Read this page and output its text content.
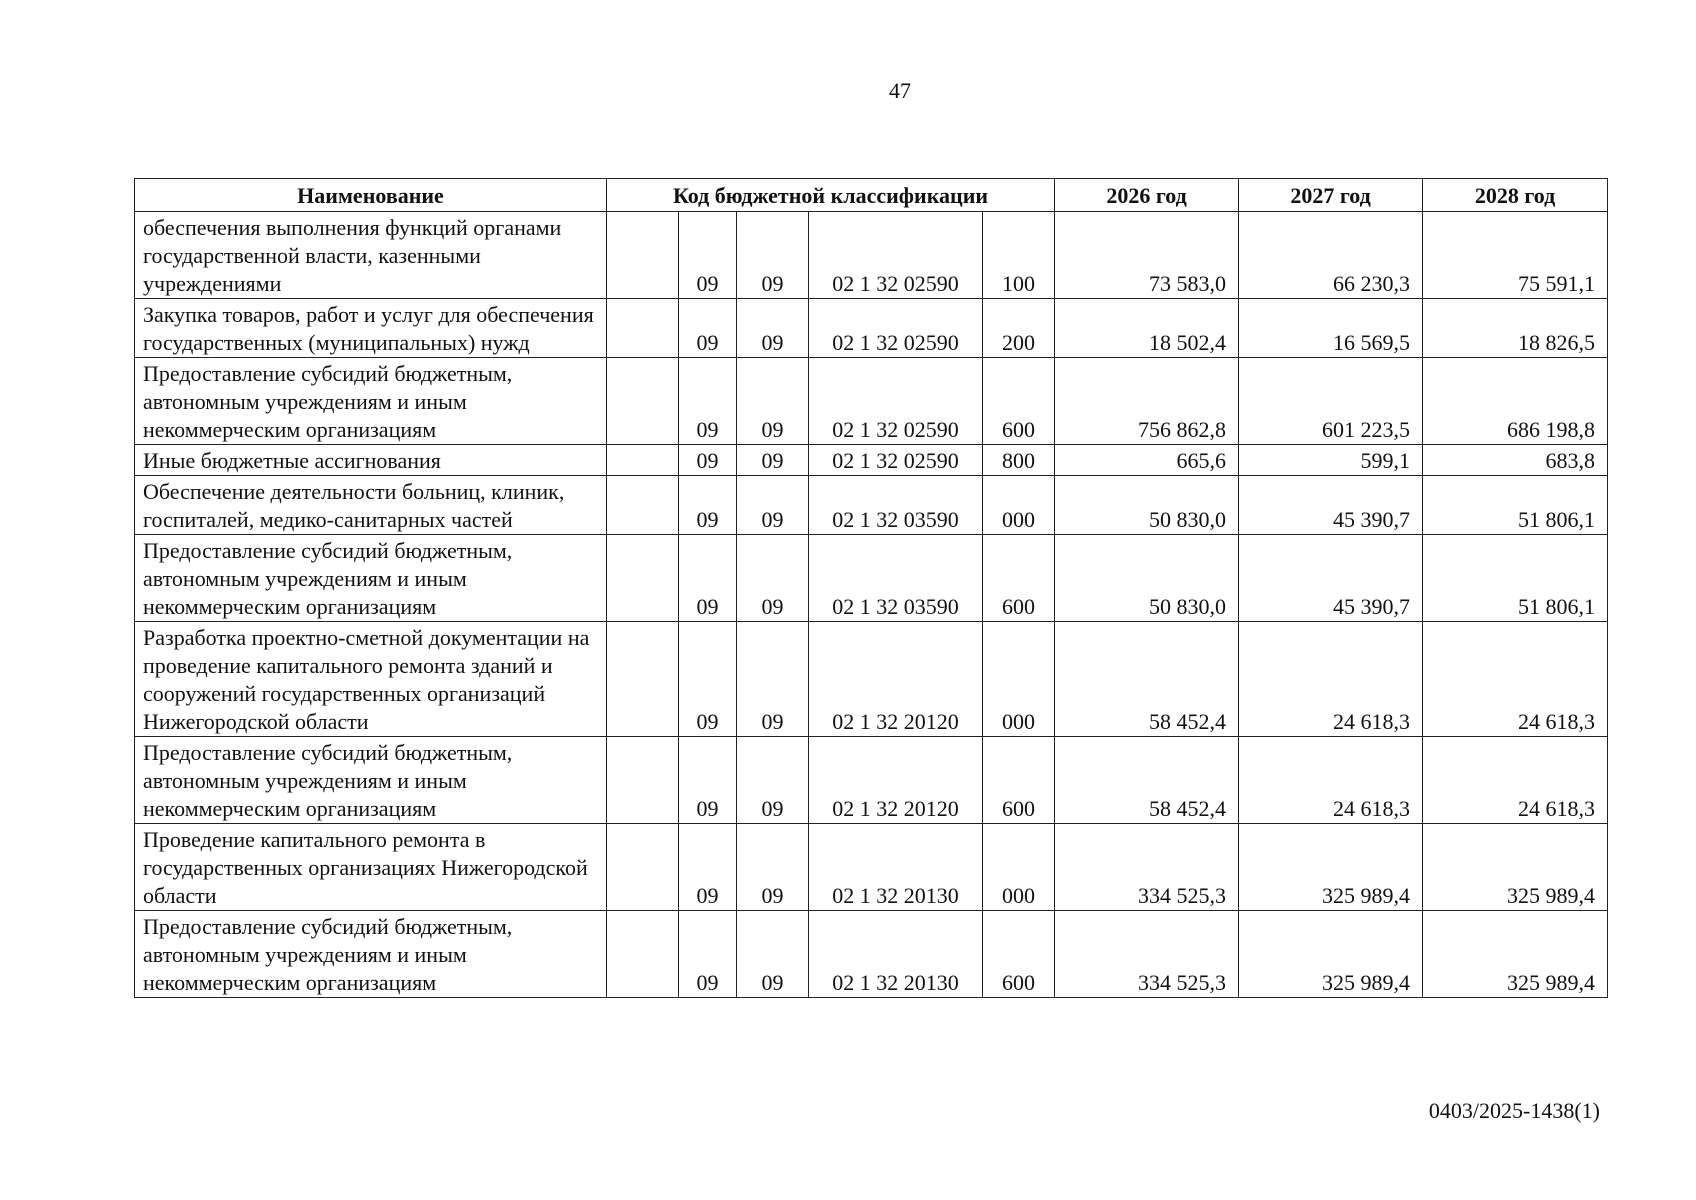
47
Наименование	Код бюджетной классификации					2026 год	2027 год	2028 год
обеспечения выполнения функций органами государственной власти, казенными учреждениями		09	09	02 1 32 02590	100	73 583,0	66 230,3	75 591,1
Закупка товаров, работ и услуг для обеспечения государственных (муниципальных) нужд		09	09	02 1 32 02590	200	18 502,4	16 569,5	18 826,5
Предоставление субсидий бюджетным, автономным учреждениям и иным некоммерческим организациям		09	09	02 1 32 02590	600	756 862,8	601 223,5	686 198,8
Иные бюджетные ассигнования		09	09	02 1 32 02590	800	665,6	599,1	683,8
Обеспечение деятельности больниц, клиник, госпиталей, медико-санитарных частей		09	09	02 1 32 03590	000	50 830,0	45 390,7	51 806,1
Предоставление субсидий бюджетным, автономным учреждениям и иным некоммерческим организациям		09	09	02 1 32 03590	600	50 830,0	45 390,7	51 806,1
Разработка проектно-сметной документации на проведение капитального ремонта зданий и сооружений государственных организаций Нижегородской области		09	09	02 1 32 20120	000	58 452,4	24 618,3	24 618,3
Предоставление субсидий бюджетным, автономным учреждениям и иным некоммерческим организациям		09	09	02 1 32 20120	600	58 452,4	24 618,3	24 618,3
Проведение капитального ремонта в государственных организациях Нижегородской области		09	09	02 1 32 20130	000	334 525,3	325 989,4	325 989,4
Предоставление субсидий бюджетным, автономным учреждениям и иным некоммерческим организациям		09	09	02 1 32 20130	600	334 525,3	325 989,4	325 989,4
0403/2025-1438(1)
